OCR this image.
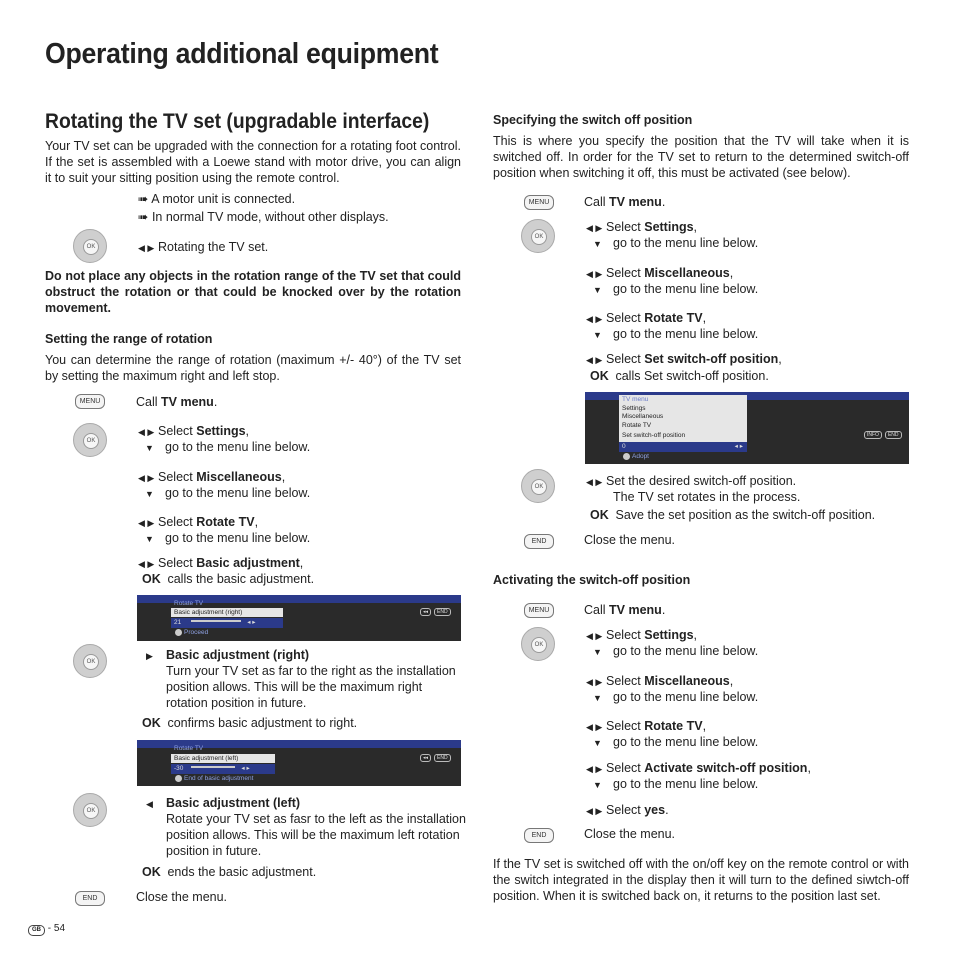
Operating additional equipment
Rotating the TV set (upgradable interface)
Your TV set can be upgraded with the connection for a rotating foot control. If the set is assembled with a Loewe stand with motor drive, you can align it to suit your sitting position using the remote control.
➠ A motor unit is connected.
➠ In normal TV mode, without other displays.
OK	◀ ▶ Rotating the TV set.
Do not place any objects in the rotation range of the TV set that could obstruct the rotation or that could be knocked over by the rotation movement.
Setting the range of rotation
You can determine the range of rotation (maximum +/- 40°) of the TV set by setting the maximum right and left stop.
MENU	Call TV menu.
OK
◀ ▶ Select Settings,
▼ go to the menu line below.
◀ ▶ Select Miscellaneous,
▼ go to the menu line below.
◀ ▶ Select Rotate TV,
▼ go to the menu line below.
◀ ▶ Select Basic adjustment,
OK calls the basic adjustment.
Rotate TV
Basic adjustment (right)
21	◂ ▸
Proceed
◂◂ END
OK
▶ Basic adjustment (right)
Turn your TV set as far to the right as the installation
position allows. This will be the maximum right
rotation position in future.
OK confirms basic adjustment to right.
Rotate TV
Basic adjustment (left)
-30	◂ ▸
End of basic adjustment
◂◂ END
OK
◀ Basic adjustment (left)
Rotate your TV set as fasr to the left as the installation
position allows. This will be the maximum left rotation
position in future.
OK ends the basic adjustment.
END	Close the menu.
GB - 54
Specifying the switch off position
This is where you specify the position that the TV will take when it is switched off. In order for the TV set to return to the determined switch-off position when switching it off, this must be activated (see below).
MENU	Call TV menu.
OK
◀ ▶ Select Settings,
▼ go to the menu line below.
◀ ▶ Select Miscellaneous,
▼ go to the menu line below.
◀ ▶ Select Rotate TV,
▼ go to the menu line below.
◀ ▶ Select Set switch-off position,
OK calls Set switch-off position.
TV menu
Settings
Miscellaneous
Rotate TV
Set switch-off position
0	◂ ▸
Adopt
INFO END
OK	◀ ▶ Set the desired switch-off position.
The TV set rotates in the process.
OK Save the set position as the switch-off position.
END	Close the menu.
Activating the switch-off position
MENU	Call TV menu.
OK
◀ ▶ Select Settings,
▼ go to the menu line below.
◀ ▶ Select Miscellaneous,
▼ go to the menu line below.
◀ ▶ Select Rotate TV,
▼ go to the menu line below.
◀ ▶ Select Activate switch-off position,
▼ go to the menu line below.
◀ ▶ Select yes.
END	Close the menu.
If the TV set is switched off with the on/off key on the remote control or with the switch integrated in the display then it will turn to the defined siwtch-off position. When it is switched back on, it returns to the position last set.
